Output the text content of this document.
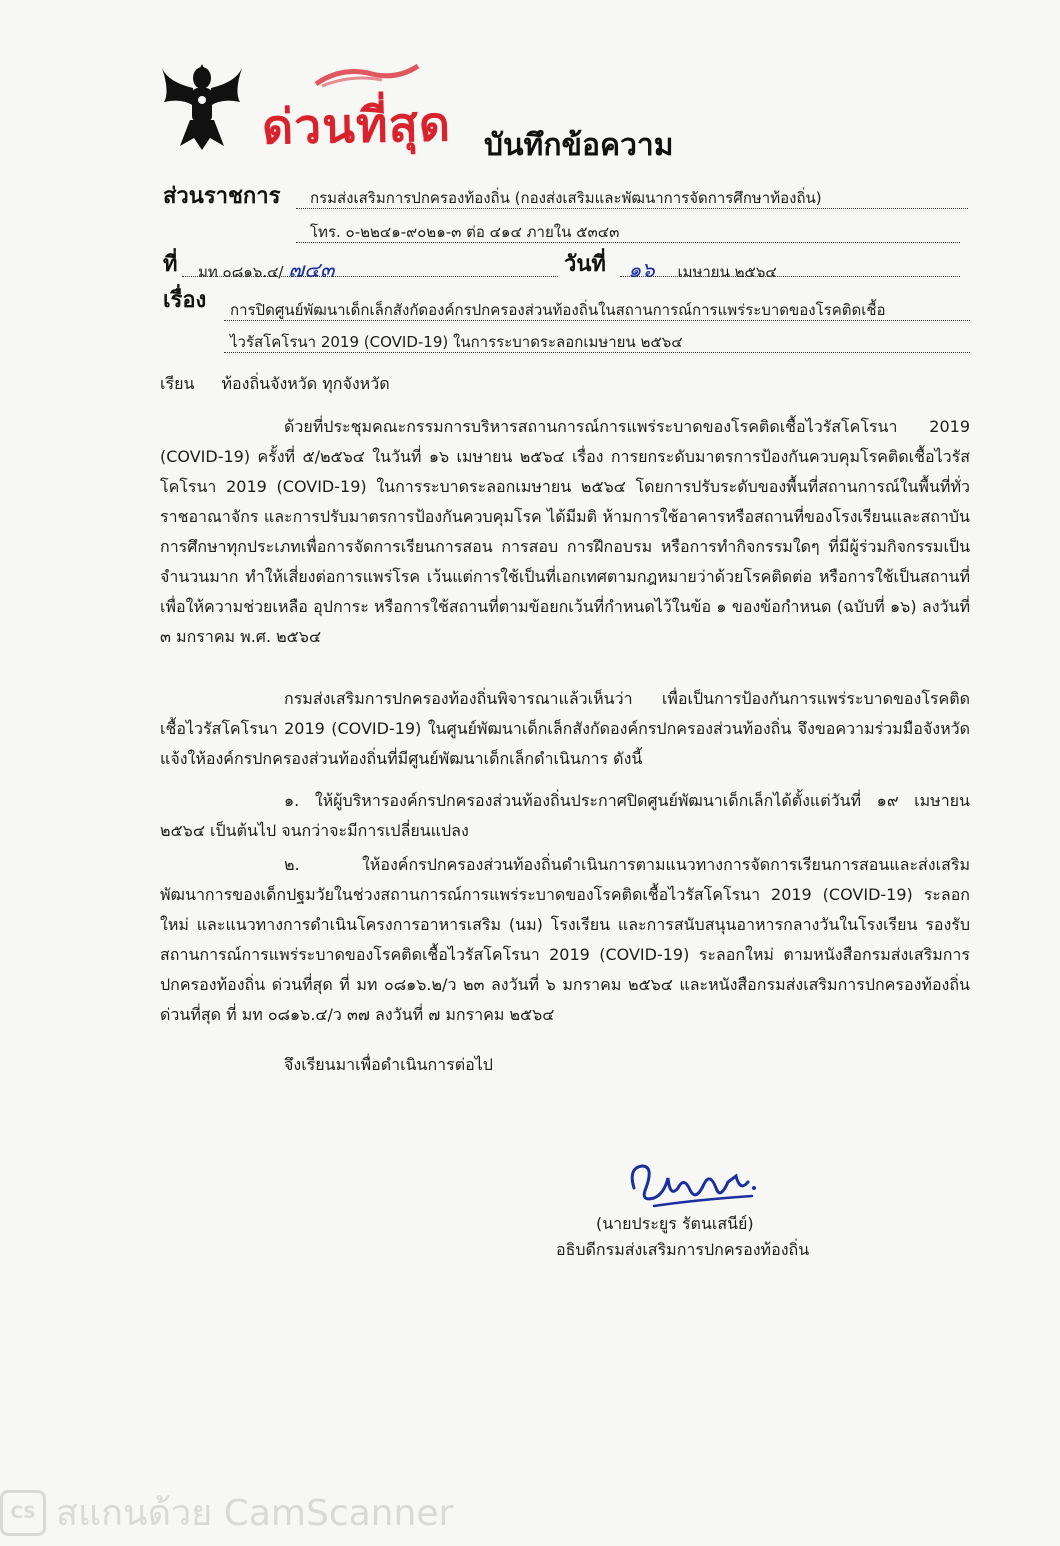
ด่วนที่สุด บันทึกข้อความ
ส่วนราชการ กรมส่งเสริมการปกครองท้องถิ่น (กองส่งเสริมและพัฒนาการจัดการศึกษาท้องถิ่น)
โทร. ๐-๒๒๔๑-๙๐๒๑-๓ ต่อ ๔๑๔ ภายใน ๕๓๔๓
ที่ มท ๐๘๑๖.๔/ ๗๔๓	วันที่ ๑๖ เมษายน ๒๕๖๔
เรื่อง การปิดศูนย์พัฒนาเด็กเล็กสังกัดองค์กรปกครองส่วนท้องถิ่นในสถานการณ์การแพร่ระบาดของโรคติดเชื้อ
ไวรัสโคโรนา 2019 (COVID-19) ในการระบาดระลอกเมษายน ๒๕๖๔
เรียน ท้องถิ่นจังหวัด ทุกจังหวัด

ด้วยที่ประชุมคณะกรรมการบริหารสถานการณ์การแพร่ระบาดของโรคติดเชื้อไวรัสโคโรนา 2019 (COVID-19) ครั้งที่ ๕/๒๕๖๔ ในวันที่ ๑๖ เมษายน ๒๕๖๔ เรื่อง การยกระดับมาตรการป้องกันควบคุมโรคติดเชื้อไวรัสโคโรนา 2019 (COVID-19) ในการระบาดระลอกเมษายน ๒๕๖๔ โดยการปรับระดับของพื้นที่สถานการณ์ในพื้นที่ทั่วราชอาณาจักร และการปรับมาตรการป้องกันควบคุมโรค ได้มีมติ ห้ามการใช้อาคารหรือสถานที่ของโรงเรียนและสถาบันการศึกษาทุกประเภทเพื่อการจัดการเรียนการสอน การสอบ การฝึกอบรม หรือการทำกิจกรรมใดๆ ที่มีผู้ร่วมกิจกรรมเป็นจำนวนมาก ทำให้เสี่ยงต่อการแพร่โรค เว้นแต่การใช้เป็นที่เอกเทศตามกฎหมายว่าด้วยโรคติดต่อ หรือการใช้เป็นสถานที่เพื่อให้ความช่วยเหลือ อุปการะ หรือการใช้สถานที่ตามข้อยกเว้นที่กำหนดไว้ในข้อ ๑ ของข้อกำหนด (ฉบับที่ ๑๖) ลงวันที่ ๓ มกราคม พ.ศ. ๒๕๖๔

กรมส่งเสริมการปกครองท้องถิ่นพิจารณาแล้วเห็นว่า เพื่อเป็นการป้องกันการแพร่ระบาดของโรคติดเชื้อไวรัสโคโรนา 2019 (COVID-19) ในศูนย์พัฒนาเด็กเล็กสังกัดองค์กรปกครองส่วนท้องถิ่น จึงขอความร่วมมือจังหวัดแจ้งให้องค์กรปกครองส่วนท้องถิ่นที่มีศูนย์พัฒนาเด็กเล็กดำเนินการ ดังนี้

๑. ให้ผู้บริหารองค์กรปกครองส่วนท้องถิ่นประกาศปิดศูนย์พัฒนาเด็กเล็กได้ตั้งแต่วันที่ ๑๙ เมษายน ๒๕๖๔ เป็นต้นไป จนกว่าจะมีการเปลี่ยนแปลง

๒. ให้องค์กรปกครองส่วนท้องถิ่นดำเนินการตามแนวทางการจัดการเรียนการสอนและส่งเสริมพัฒนาการของเด็กปฐมวัยในช่วงสถานการณ์การแพร่ระบาดของโรคติดเชื้อไวรัสโคโรนา 2019 (COVID-19) ระลอกใหม่ และแนวทางการดำเนินโครงการอาหารเสริม (นม) โรงเรียน และการสนับสนุนอาหารกลางวันในโรงเรียน รองรับสถานการณ์การแพร่ระบาดของโรคติดเชื้อไวรัสโคโรนา 2019 (COVID-19) ระลอกใหม่ ตามหนังสือกรมส่งเสริมการปกครองท้องถิ่น ด่วนที่สุด ที่ มท ๐๘๑๖.๒/ว ๒๓ ลงวันที่ ๖ มกราคม ๒๕๖๔ และหนังสือกรมส่งเสริมการปกครองท้องถิ่น ด่วนที่สุด ที่ มท ๐๘๑๖.๔/ว ๓๗ ลงวันที่ ๗ มกราคม ๒๕๖๔

จึงเรียนมาเพื่อดำเนินการต่อไป

(นายประยูร รัตนเสนีย์)
อธิบดีกรมส่งเสริมการปกครองท้องถิ่น
CS สแกนด้วย CamScanner
